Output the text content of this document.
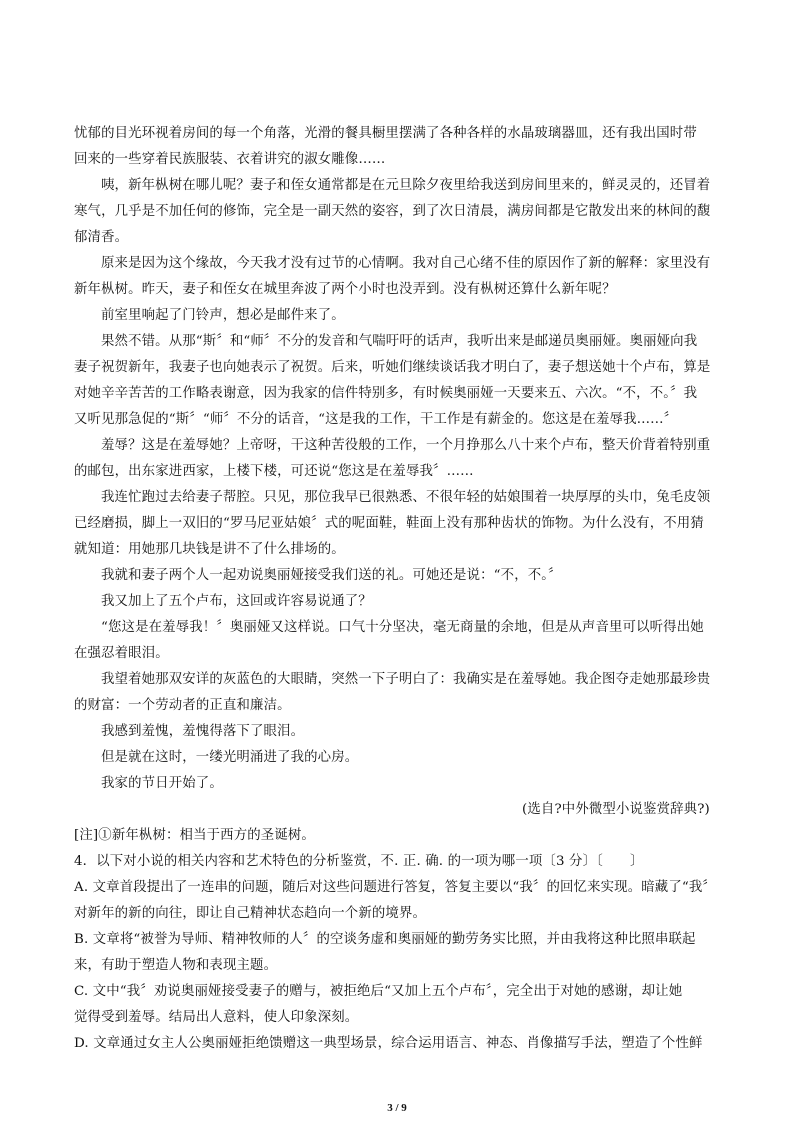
忧郁的目光环视着房间的每一个角落，光滑的餐具橱里摆满了各种各样的水晶玻璃器皿，还有我出国时带
回来的一些穿着民族服装、衣着讲究的淑女雕像……
咦，新年枞树在哪儿呢？妻子和侄女通常都是在元旦除夕夜里给我送到房间里来的，鲜灵灵的，还冒着
寒气，几乎是不加任何的修饰，完全是一副天然的姿容，到了次日清晨，满房间都是它散发出来的林间的馥
郁清香。
原来是因为这个缘故，今天我才没有过节的心情啊。我对自己心绪不佳的原因作了新的解释：家里没有
新年枞树。昨天，妻子和侄女在城里奔波了两个小时也没弄到。没有枞树还算什么新年呢？
前室里响起了门铃声，想必是邮件来了。
果然不错。从那“斯〞和“师〞不分的发音和气喘吁吁的话声，我听出来是邮递员奥丽娅。奥丽娅向我
妻子祝贺新年，我妻子也向她表示了祝贺。后来，听她们继续谈话我才明白了，妻子想送她十个卢布，算是
对她辛辛苦苦的工作略表谢意，因为我家的信件特别多，有时候奥丽娅一天要来五、六次。“不，不。〞我
又听见那急促的“斯〞“师〞不分的话音，“这是我的工作，干工作是有薪金的。您这是在羞辱我……〞
羞辱？这是在羞辱她？上帝呀，干这种苦役般的工作，一个月挣那么八十来个卢布，整天价背着特别重
的邮包，出东家进西家，上楼下楼，可还说“您这是在羞辱我〞……
我连忙跑过去给妻子帮腔。只见，那位我早已很熟悉、不很年轻的姑娘围着一块厚厚的头巾，兔毛皮领
已经磨损，脚上一双旧的“罗马尼亚姑娘〞式的呢面鞋，鞋面上没有那种齿状的饰物。为什么没有，不用猜
就知道：用她那几块钱是讲不了什么排场的。
我就和妻子两个人一起劝说奥丽娅接受我们送的礼。可她还是说：“不，不。〞
我又加上了五个卢布，这回或许容易说通了？
“您这是在羞辱我！〞奥丽娅又这样说。口气十分坚决，毫无商量的余地，但是从声音里可以听得出她
在强忍着眼泪。
我望着她那双安详的灰蓝色的大眼睛，突然一下子明白了：我确实是在羞辱她。我企图夺走她那最珍贵
的财富：一个劳动者的正直和廉洁。
我感到羞愧，羞愧得落下了眼泪。
但是就在这时，一缕光明涌进了我的心房。
我家的节日开始了。
(选自?中外微型小说鉴赏辞典?)
[注]①新年枞树：相当于西方的圣诞树。
4．以下对小说的相关内容和艺术特色的分析鉴赏，不. 正. 确. 的一项为哪一项〔3 分〕〔　　〕
A. 文章首段提出了一连串的问题，随后对这些问题进行答复，答复主要以“我〞的回忆来实现。暗藏了“我〞
对新年的新的向往，即让自己精神状态趋向一个新的境界。
B. 文章将“被誉为导师、精神牧师的人〞的空谈务虚和奥丽娅的勤劳务实比照，并由我将这种比照串联起
来，有助于塑造人物和表现主题。
C. 文中“我〞劝说奥丽娅接受妻子的赠与，被拒绝后“又加上五个卢布〞，完全出于对她的感谢，却让她
觉得受到羞辱。结局出人意料，使人印象深刻。
D. 文章通过女主人公奥丽娅拒绝馈赠这一典型场景，综合运用语言、神态、肖像描写手法，塑造了个性鲜
3 / 9
